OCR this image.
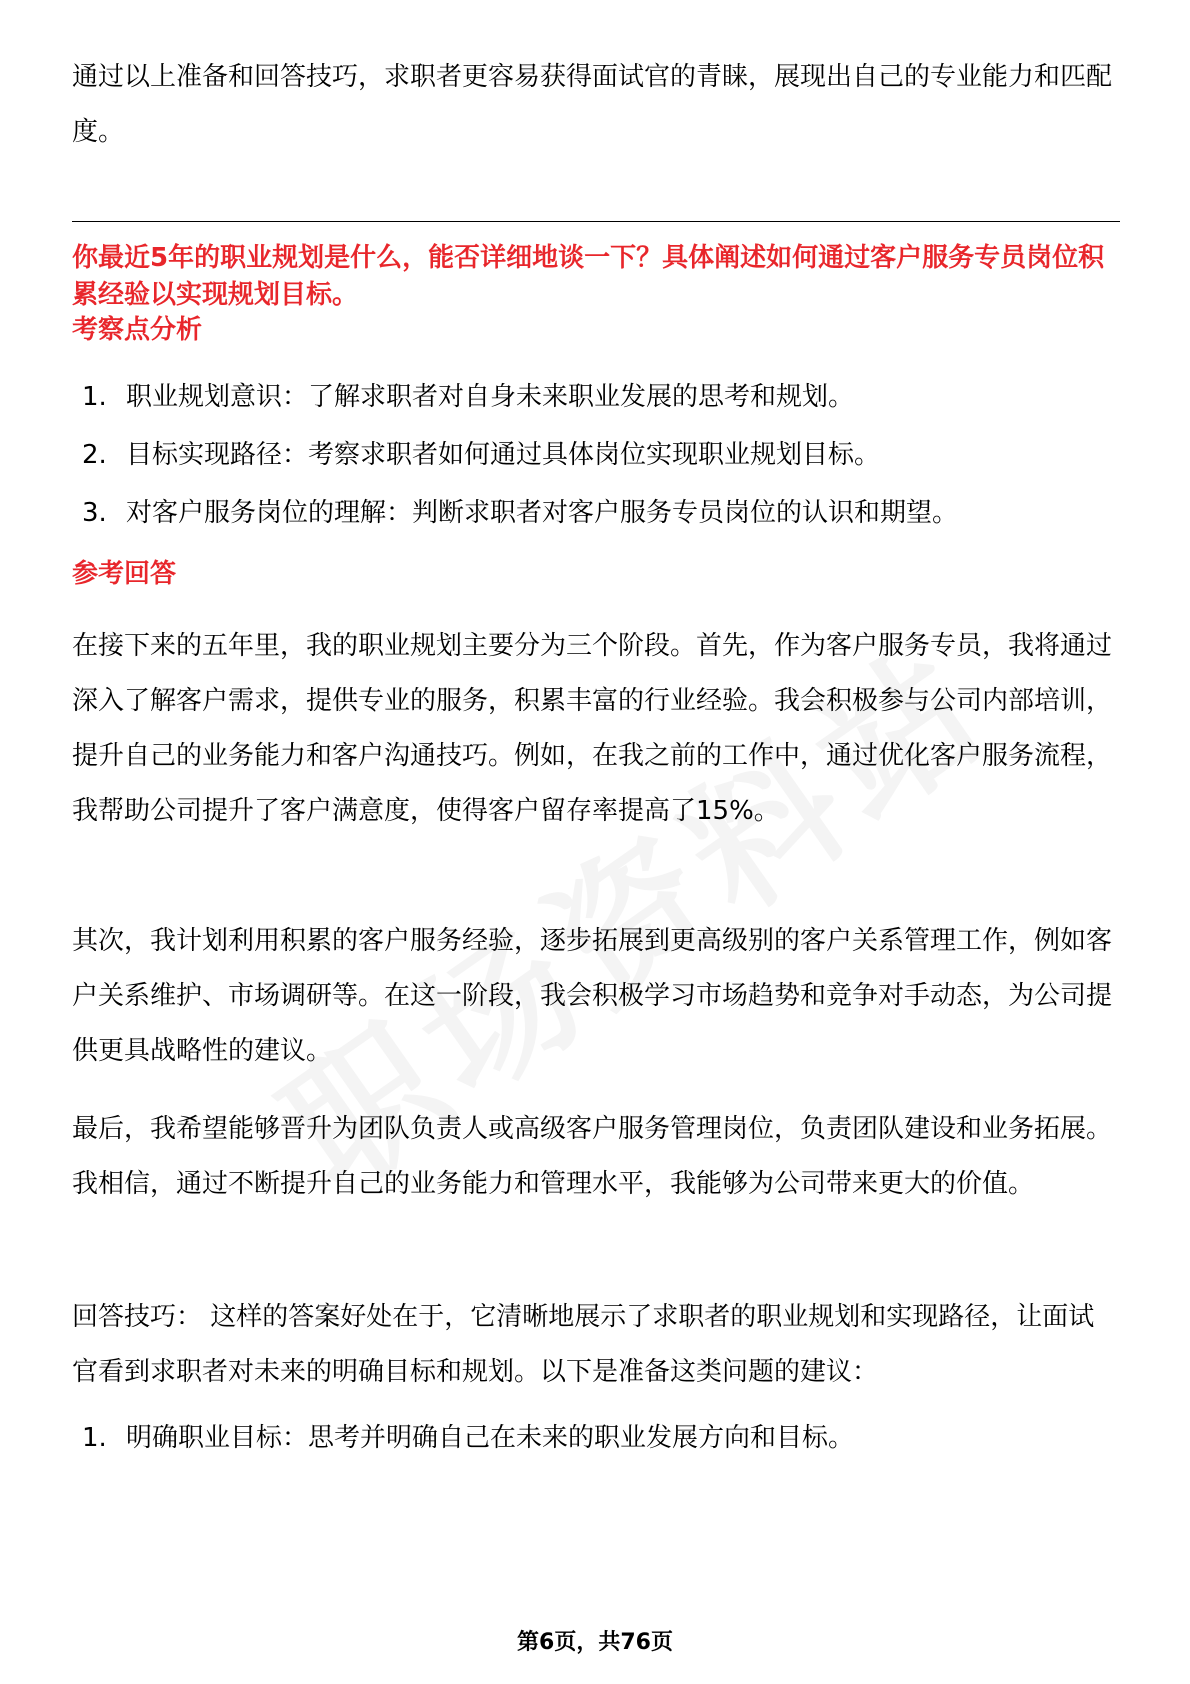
通过以上准备和回答技巧，求职者更容易获得面试官的青睐，展现出自己的专业能力和匹配度。

你最近5年的职业规划是什么，能否详细地谈一下？具体阐述如何通过客户服务专员岗位积累经验以实现规划目标。

考察点分析

1. 职业规划意识：了解求职者对自身未来职业发展的思考和规划。
2. 目标实现路径：考察求职者如何通过具体岗位实现职业规划目标。
3. 对客户服务岗位的理解：判断求职者对客户服务专员岗位的认识和期望。

参考回答

在接下来的五年里，我的职业规划主要分为三个阶段。首先，作为客户服务专员，我将通过深入了解客户需求，提供专业的服务，积累丰富的行业经验。我会积极参与公司内部培训，提升自己的业务能力和客户沟通技巧。例如，在我之前的工作中，通过优化客户服务流程，我帮助公司提升了客户满意度，使得客户留存率提高了15%。

其次，我计划利用积累的客户服务经验，逐步拓展到更高级别的客户关系管理工作，例如客户关系维护、市场调研等。在这一阶段，我会积极学习市场趋势和竞争对手动态，为公司提供更具战略性的建议。

最后，我希望能够晋升为团队负责人或高级客户服务管理岗位，负责团队建设和业务拓展。我相信，通过不断提升自己的业务能力和管理水平，我能够为公司带来更大的价值。

回答技巧： 这样的答案好处在于，它清晰地展示了求职者的职业规划和实现路径，让面试官看到求职者对未来的明确目标和规划。以下是准备这类问题的建议：

1. 明确职业目标：思考并明确自己在未来的职业发展方向和目标。
第6页，共76页
